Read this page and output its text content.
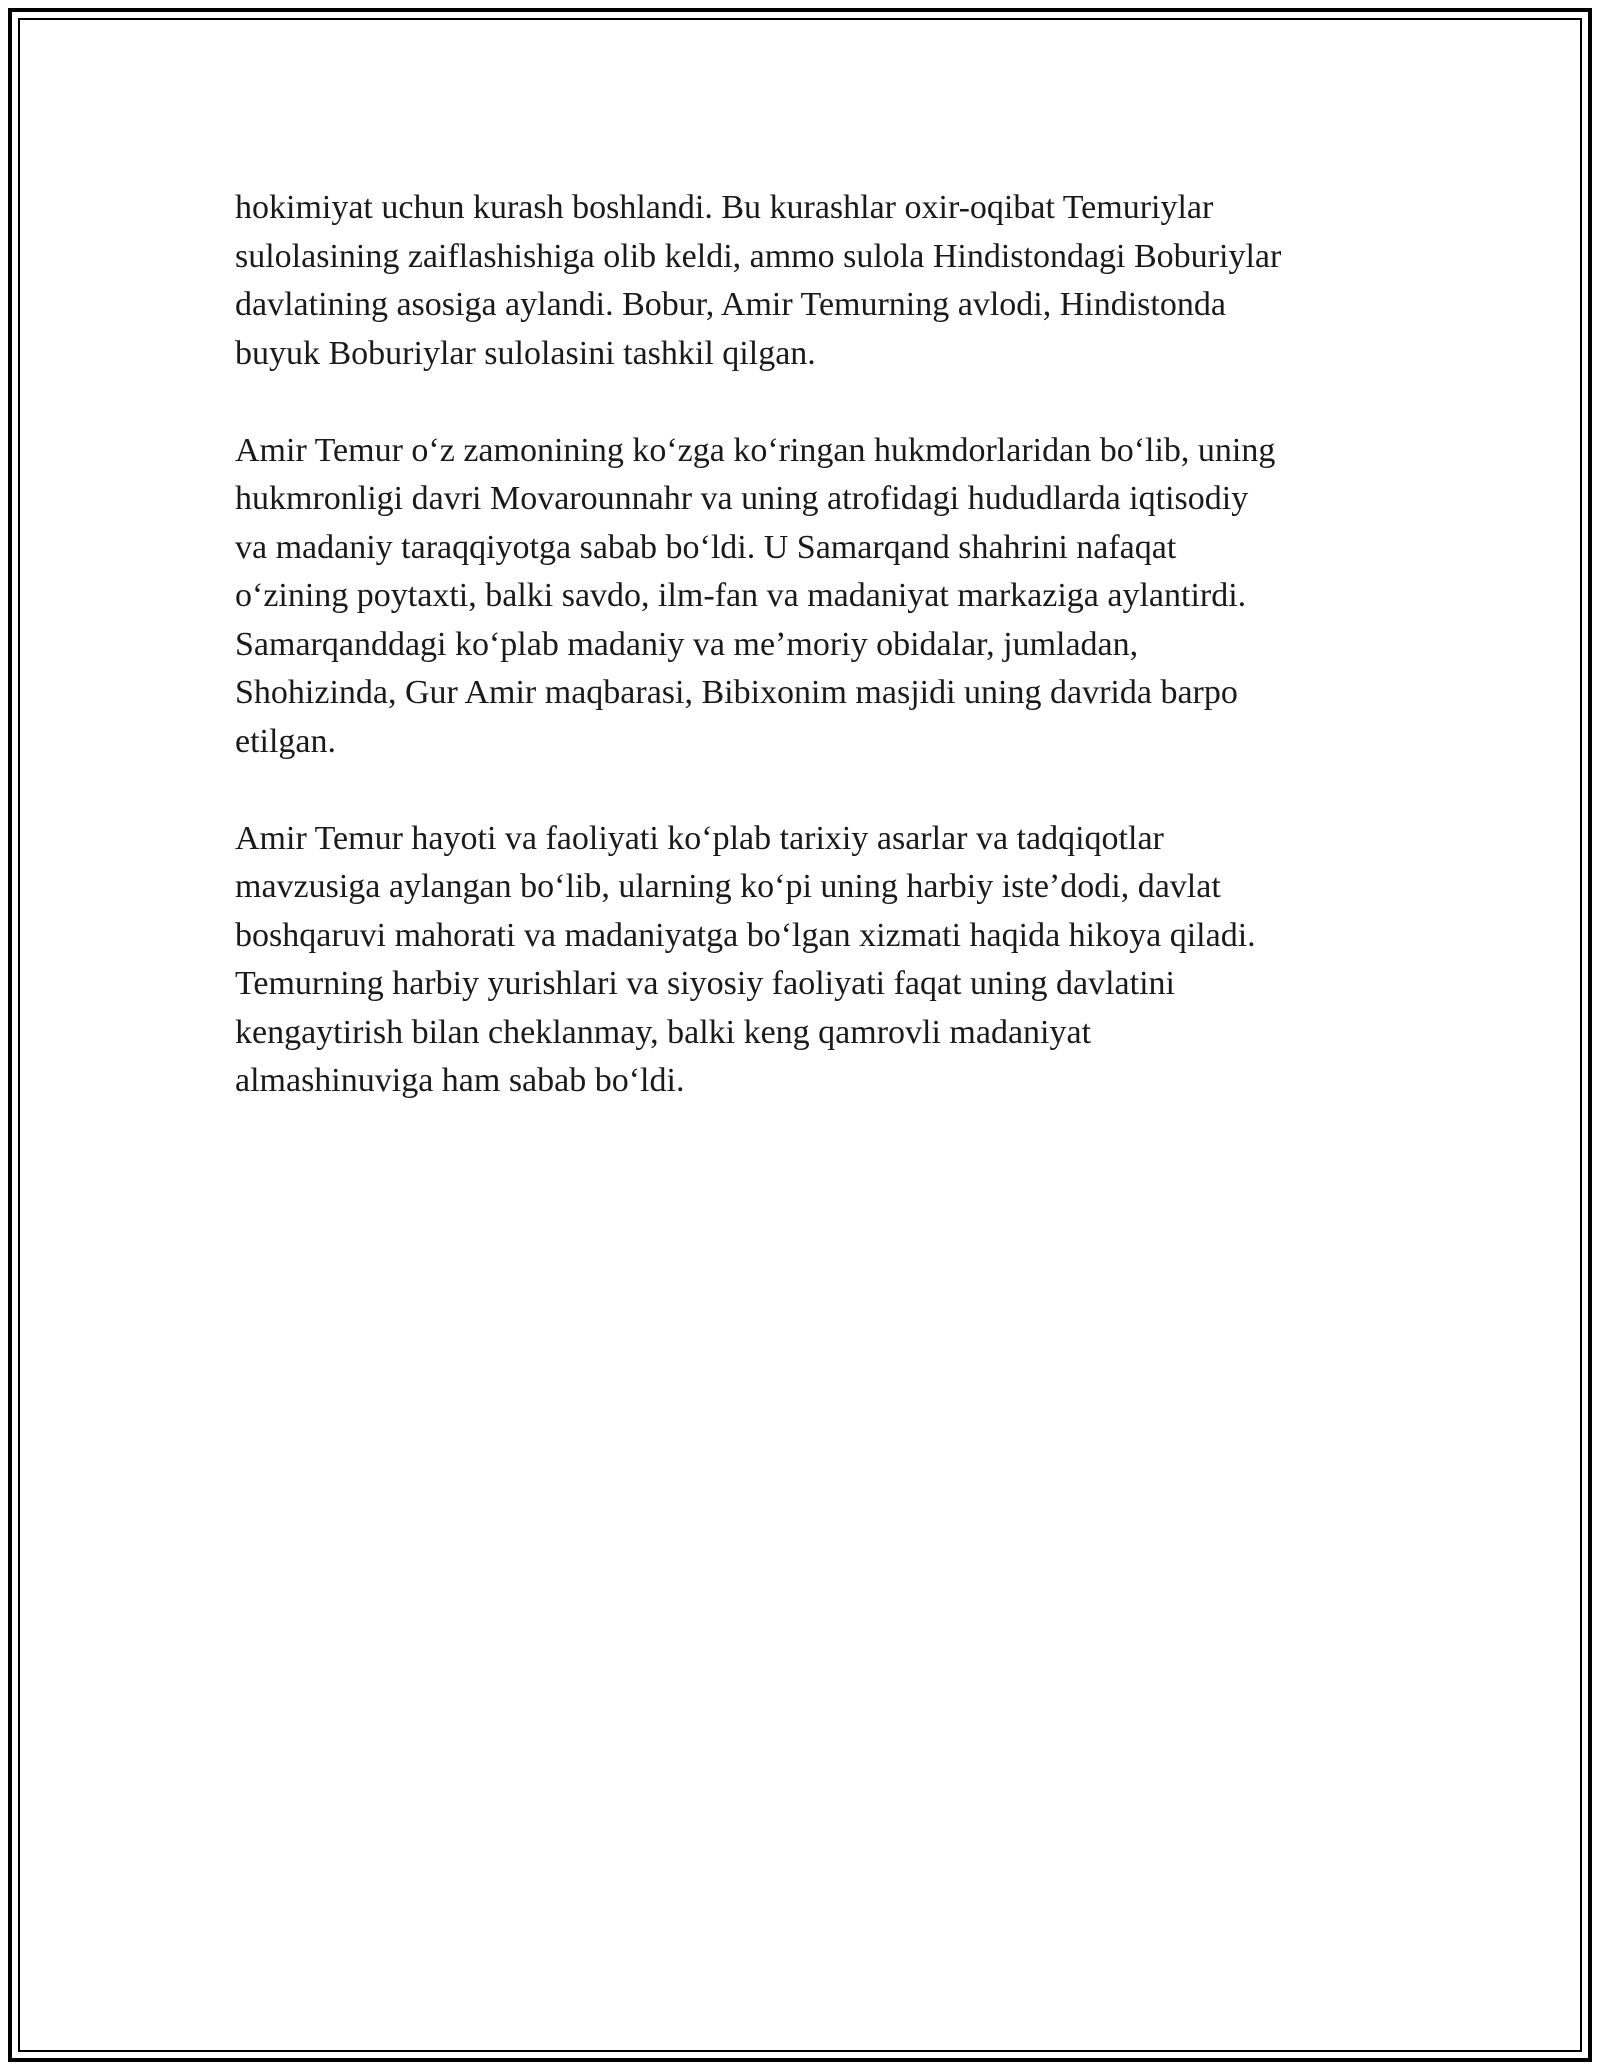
hokimiyat uchun kurash boshlandi. Bu kurashlar oxir-oqibat Temuriylar
sulolasining zaiflashishiga olib keldi, ammo sulola Hindistondagi Boburiylar
davlatining asosiga aylandi. Bobur, Amir Temurning avlodi, Hindistonda
buyuk Boburiylar sulolasini tashkil qilgan.

Amir Temur oʻz zamonining koʻzga koʻringan hukmdorlaridan boʻlib, uning
hukmronligi davri Movarounnahr va uning atrofidagi hududlarda iqtisodiy
va madaniy taraqqiyotga sabab boʻldi. U Samarqand shahrini nafaqat
oʻzining poytaxti, balki savdo, ilm-fan va madaniyat markaziga aylantirdi.
Samarqanddagi koʻplab madaniy va meʼmoriy obidalar, jumladan,
Shohizinda, Gur Amir maqbarasi, Bibixonim masjidi uning davrida barpo
etilgan.

Amir Temur hayoti va faoliyati koʻplab tarixiy asarlar va tadqiqotlar
mavzusiga aylangan boʻlib, ularning koʻpi uning harbiy isteʼdodi, davlat
boshqaruvi mahorati va madaniyatga boʻlgan xizmati haqida hikoya qiladi.
Temurning harbiy yurishlari va siyosiy faoliyati faqat uning davlatini
kengaytirish bilan cheklanmay, balki keng qamrovli madaniyat
almashinuviga ham sabab boʻldi.
